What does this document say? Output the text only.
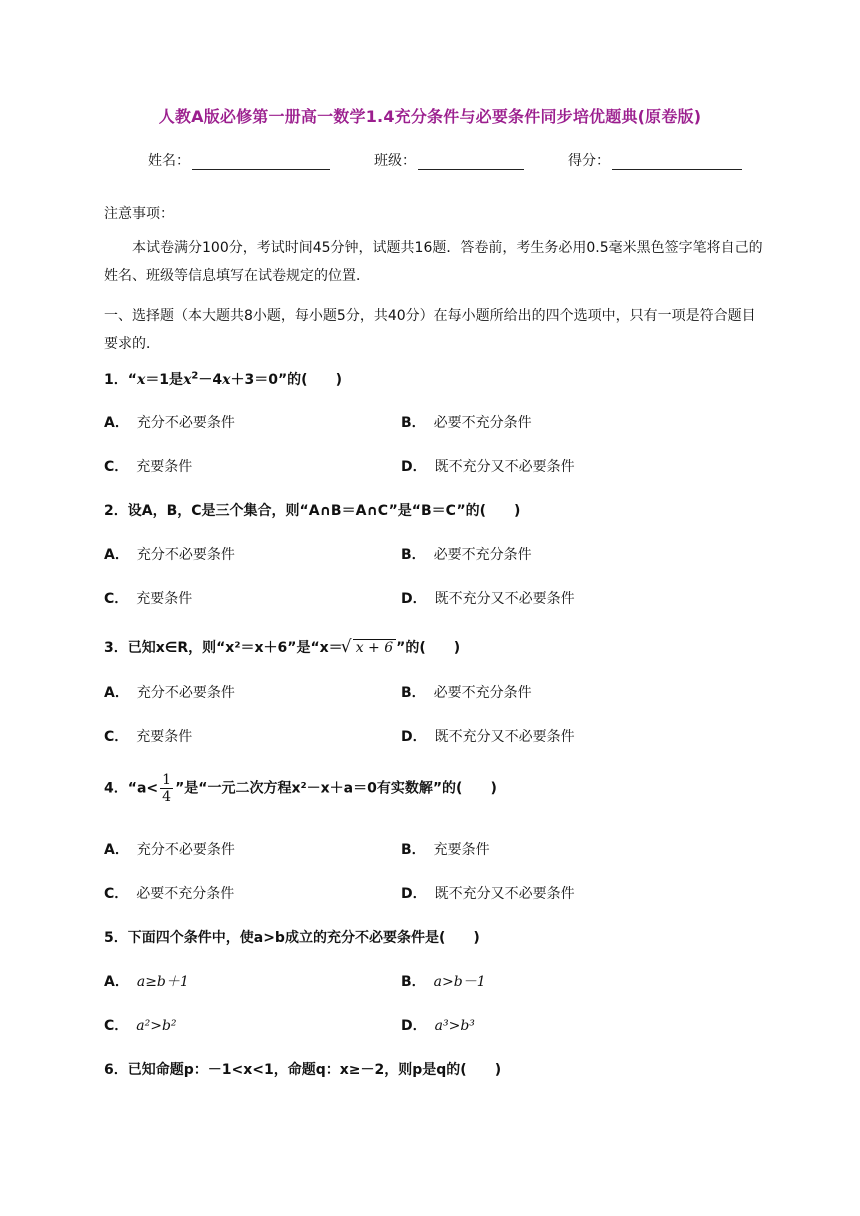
人教A版必修第一册高一数学1.4充分条件与必要条件同步培优题典(原卷版)
姓名：	班级：	得分：
注意事项：
本试卷满分100分，考试时间45分钟，试题共16题．答卷前，考生务必用0.5毫米黑色签字笔将自己的姓名、班级等信息填写在试卷规定的位置．
一、选择题（本大题共8小题，每小题5分，共40分）在每小题所给出的四个选项中，只有一项是符合题目要求的．
1．“x＝1是$x^2-4x+3=0$”的(　　)
A． 充分不必要条件	B． 必要不充分条件
C． 充要条件	D． 既不充分又不必要条件
2．设A，B，C是三个集合，则“A∩B＝A∩C”是“B＝C”的(　　)
A． 充分不必要条件	B． 必要不充分条件
C． 充要条件	D． 既不充分又不必要条件
3．已知x∈R，则“x²＝x＋6”是“x＝√ x + 6 ”的(　　)
A． 充分不必要条件	B． 必要不充分条件
C． 充要条件	D． 既不充分又不必要条件
4．“$a< \frac{1}{4}$ ”是“一元二次方程x²－x＋a＝0有实数解”的(　　)
A． 充分不必要条件	B． 充要条件
C． 必要不充分条件	D． 既不充分又不必要条件
5．下面四个条件中，使a>b成立的充分不必要条件是(　　)
A． a≥b＋1	B． a>b－1
C． a²>b²	D． a³>b³
6．已知命题p：－1<x<1，命题q：x≥－2，则p是q的(　　)
